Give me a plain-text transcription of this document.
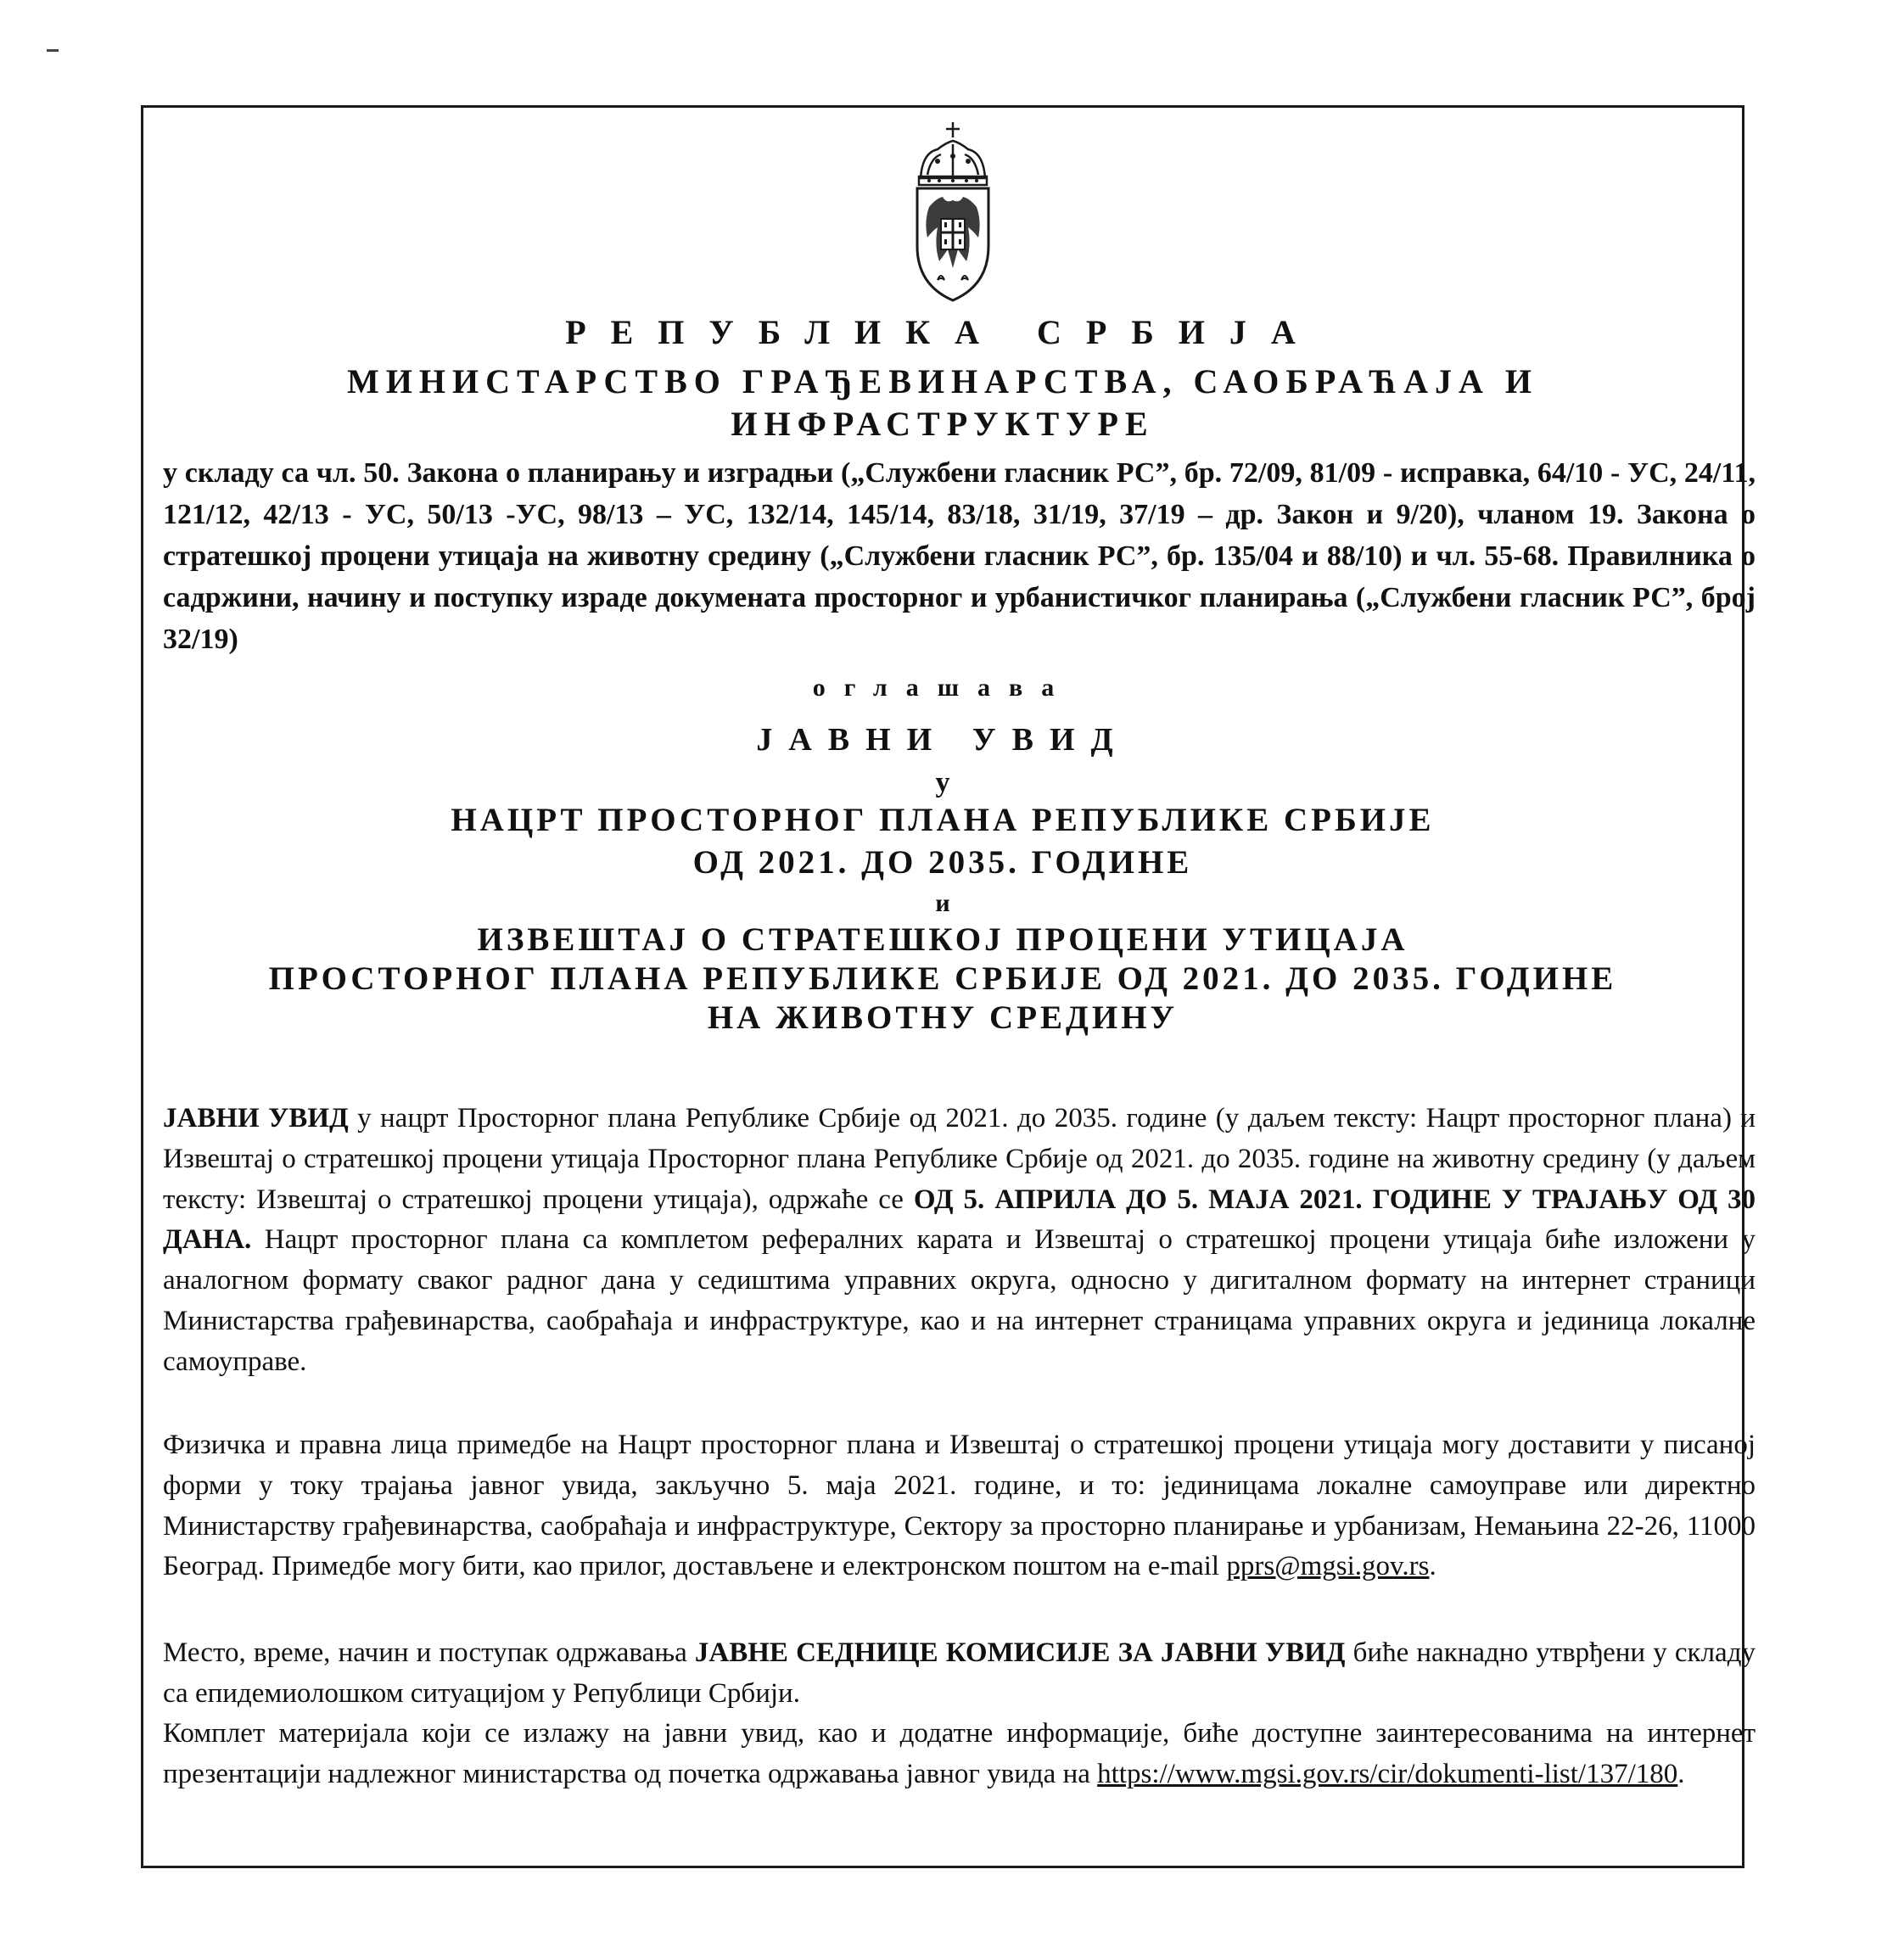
РЕПУБЛИКА СРБИЈА
МИНИСТАРСТВО ГРАЂЕВИНАРСТВА, САОБРАЋАЈА И
ИНФРАСТРУКТУРЕ
у складу са чл. 50. Закона о планирању и изградњи („Службени гласник РС”, бр. 72/09, 81/09 - исправка, 64/10 - УС, 24/11, 121/12, 42/13 - УС, 50/13 -УС, 98/13 – УС, 132/14, 145/14, 83/18, 31/19, 37/19 – др. Закон и 9/20), чланом 19. Закона о стратешкој процени утицаја на животну средину („Службени гласник РС”, бр. 135/04 и 88/10) и чл. 55-68. Правилника о садржини, начину и поступку израде докумената просторног и урбанистичког планирања („Службени гласник РС”, број 32/19)
оглашава
ЈАВНИ УВИД
у
НАЦРТ ПРОСТОРНОГ ПЛАНА РЕПУБЛИКЕ СРБИЈЕ
ОД 2021. ДО 2035. ГОДИНЕ
и
ИЗВЕШТАЈ О СТРАТЕШКОЈ ПРОЦЕНИ УТИЦАЈА
ПРОСТОРНОГ ПЛАНА РЕПУБЛИКЕ СРБИЈЕ ОД 2021. ДО 2035. ГОДИНЕ
НА ЖИВОТНУ СРЕДИНУ
ЈАВНИ УВИД у нацрт Просторног плана Републике Србије од 2021. до 2035. године (у даљем тексту: Нацрт просторног плана) и Извештај о стратешкој процени утицаја Просторног плана Републике Србије од 2021. до 2035. године на животну средину (у даљем тексту: Извештај о стратешкој процени утицаја), одржаће се ОД 5. АПРИЛА ДО 5. МАЈА 2021. ГОДИНЕ У ТРАЈАЊУ ОД 30 ДАНА. Нацрт просторног плана са комплетом рефералних карата и Извештај о стратешкој процени утицаја биће изложени у аналогном формату сваког радног дана у седиштима управних округа, односно у дигиталном формату на интернет страници Министарства грађевинарства, саобраћаја и инфраструктуре, као и на интернет страницама управних округа и јединица локалне самоуправе.
Физичка и правна лица примедбе на Нацрт просторног плана и Извештај о стратешкој процени утицаја могу доставити у писаној форми у току трајања јавног увида, закључно 5. маја 2021. године, и то: јединицама локалне самоуправе или директно Министарству грађевинарства, саобраћаја и инфраструктуре, Сектору за просторно планирање и урбанизам, Немањина 22-26, 11000 Београд. Примедбе могу бити, као прилог, достављене и електронском поштом на e-mail pprs@mgsi.gov.rs.
Место, време, начин и поступак одржавања ЈАВНЕ СЕДНИЦЕ КОМИСИЈЕ ЗА ЈАВНИ УВИД биће накнадно утврђени у складу са епидемиолошком ситуацијом у Републици Србији.
Комплет материјала који се излажу на јавни увид, као и додатне информације, биће доступне заинтересованима на интернет презентацији надлежног министарства од почетка одржавања јавног увида на https://www.mgsi.gov.rs/cir/dokumenti-list/137/180.
